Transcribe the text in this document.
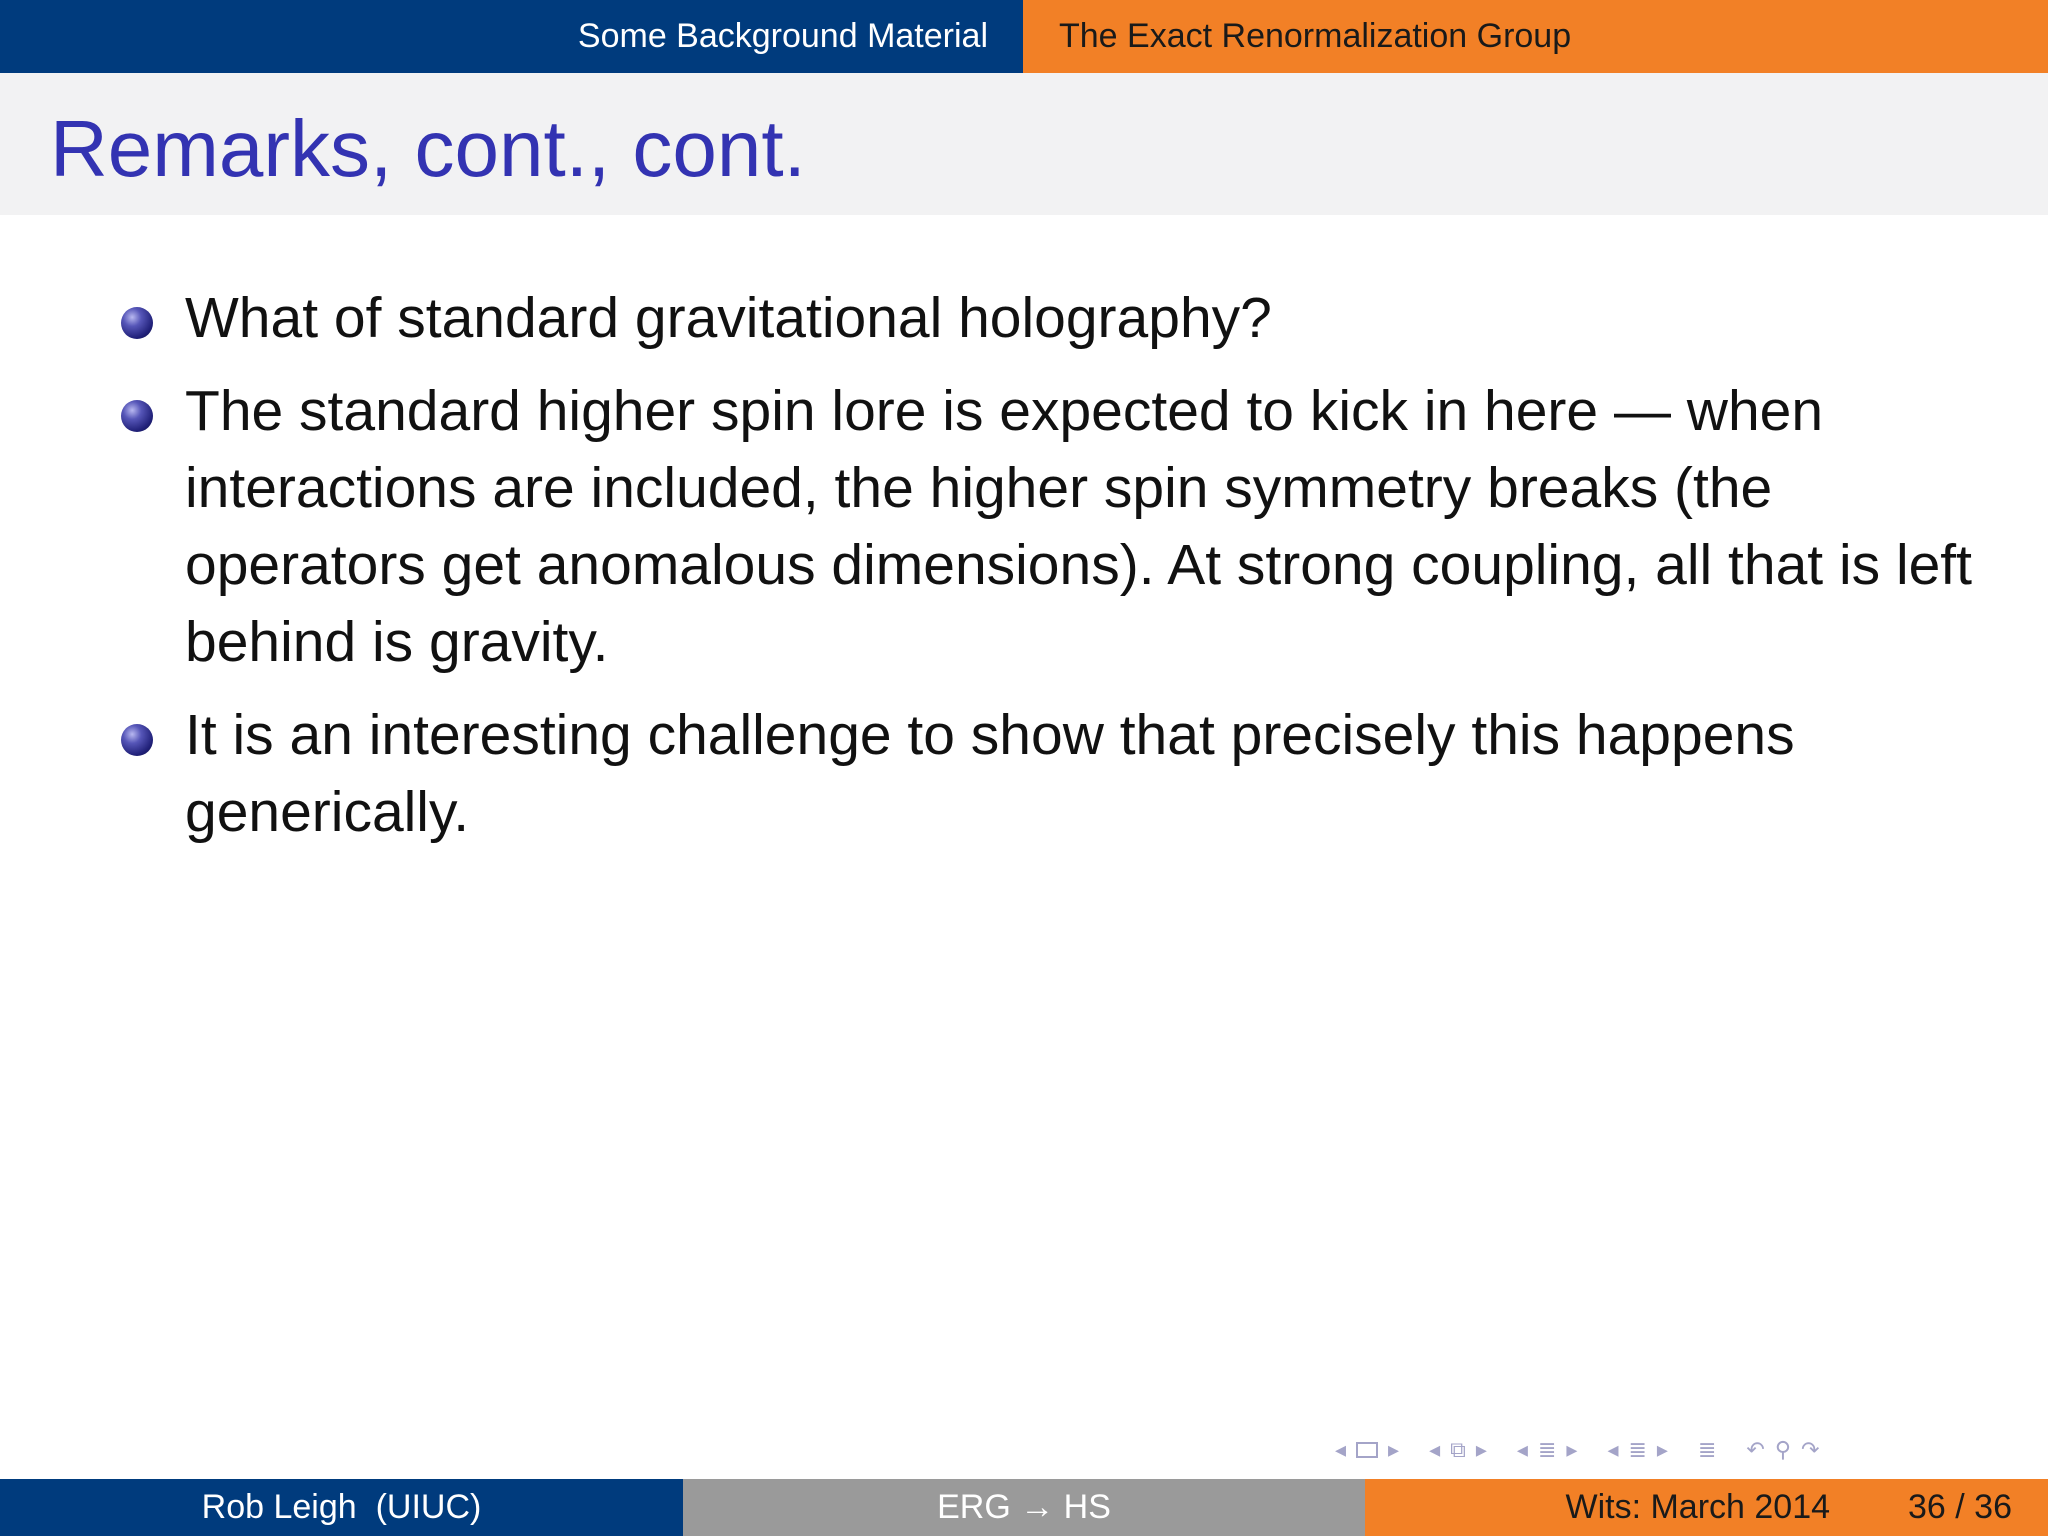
Some Background Material The Exact Renormalization Group
Remarks, cont., cont.
What of standard gravitational holography?
The standard higher spin lore is expected to kick in here — when interactions are included, the higher spin symmetry breaks (the operators get anomalous dimensions). At strong coupling, all that is left behind is gravity.
It is an interesting challenge to show that precisely this happens generically.
◂ ▸ ◂ ⧉ ▸ ◂ ≣ ▸ ◂ ≣ ▸ ≣ ↶ ⚲ ↷
Rob Leigh  (UIUC)	ERG → HS	Wits: March 2014 36 / 36
